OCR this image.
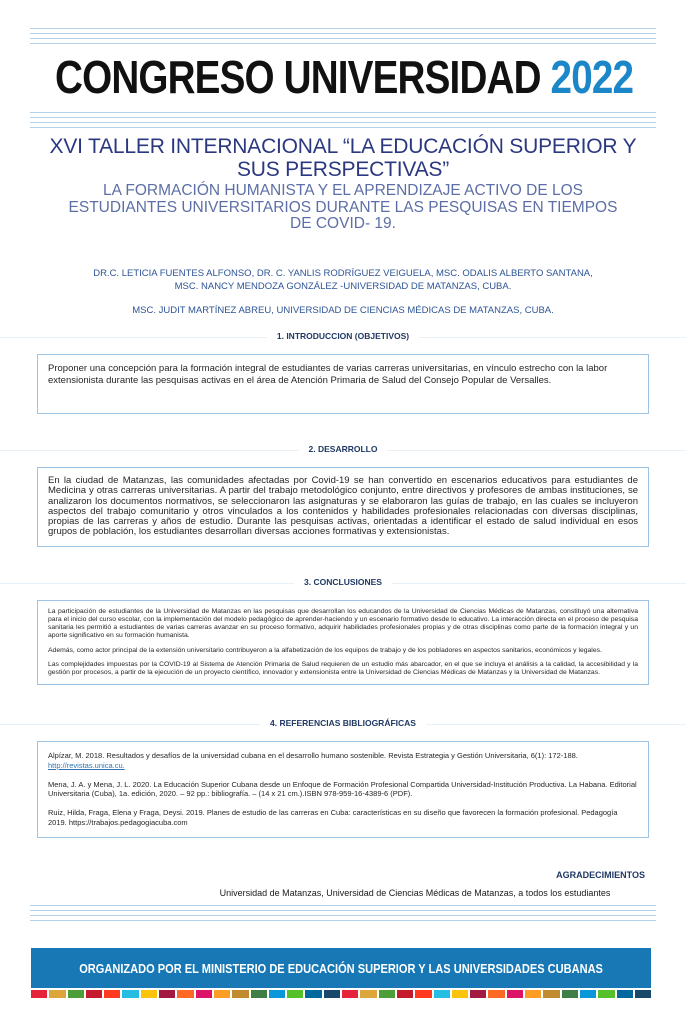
CONGRESO UNIVERSIDAD 2022
XVI TALLER INTERNACIONAL “LA EDUCACIÓN SUPERIOR Y SUS PERSPECTIVAS”
LA FORMACIÓN HUMANISTA Y EL APRENDIZAJE ACTIVO DE LOS ESTUDIANTES UNIVERSITARIOS DURANTE LAS PESQUISAS EN TIEMPOS DE COVID- 19.
DR.C. LETICIA FUENTES ALFONSO, DR. C. YANLIS RODRÍGUEZ VEIGUELA, MSC. ODALIS ALBERTO SANTANA,
MSC. NANCY MENDOZA GONZÁLEZ -UNIVERSIDAD DE MATANZAS, CUBA.
MSC. JUDIT MARTÍNEZ ABREU, UNIVERSIDAD DE CIENCIAS MÉDICAS DE MATANZAS, CUBA.
1. INTRODUCCION (OBJETIVOS)

Proponer una concepción para la formación integral de estudiantes de varias carreras universitarias, en vínculo estrecho con la labor extensionista durante las pesquisas activas en el área de Atención Primaria de Salud del Consejo Popular de Versalles.

2. DESARROLLO

En la ciudad de Matanzas, las comunidades afectadas por Covid-19 se han convertido en escenarios educativos para estudiantes de Medicina y otras carreras universitarias. A partir del trabajo metodológico conjunto, entre directivos y profesores de ambas instituciones, se analizaron los documentos normativos, se seleccionaron las asignaturas y se elaboraron las guías de trabajo, en las cuales se incluyeron aspectos del trabajo comunitario y otros vinculados a los contenidos y habilidades profesionales relacionadas con diversas disciplinas, propias de las carreras y años de estudio. Durante las pesquisas activas, orientadas a identificar el estado de salud individual en esos grupos de población, los estudiantes desarrollan diversas acciones formativas y extensionistas.

3. CONCLUSIONES

La participación de estudiantes de la Universidad de Matanzas en las pesquisas que desarrollan los educandos de la Universidad de Ciencias Médicas de Matanzas, constituyó una alternativa para el inicio del curso escolar, con la implementación del modelo pedagógico de aprender-haciendo y un escenario formativo desde lo educativo. La interacción directa en el proceso de pesquisa sanitaria les permitió a estudiantes de varias carreras avanzar en su proceso formativo, adquirir habilidades profesionales propias y de otras disciplinas como parte de la formación integral y un aporte significativo en su formación humanista.

Además, como actor principal de la extensión universitario contribuyeron a la alfabetización de los equipos de trabajo y de los pobladores en aspectos sanitarios, económicos y legales.

Las complejidades impuestas por la COVID-19 al Sistema de Atención Primaria de Salud requieren de un estudio más abarcador, en el que se incluya el análisis a la calidad, la accesibilidad y la gestión por procesos, a partir de la ejecución de un proyecto científico, innovador y extensionista entre la Universidad de Ciencias Médicas de Matanzas y la Universidad de Matanzas.

4. REFERENCIAS BIBLIOGRÁFICAS

Alpízar, M. 2018. Resultados y desafíos de la universidad cubana en el desarrollo humano sostenible. Revista Estrategia y Gestión Universitaria, 6(1): 172-188. http://revistas.unica.cu.

Mena, J. A. y Mena, J. L. 2020. La Educación Superior Cubana desde un Enfoque de Formación Profesional Compartida Universidad-Institución Productiva. La Habana. Editorial Universitaria (Cuba), 1a. edición, 2020. – 92 pp.: bibliografía. – (14 x 21 cm.).ISBN 978-959-16-4389-6 (PDF).

Ruiz, Hilda, Fraga, Elena y Fraga, Deysi. 2019. Planes de estudio de las carreras en Cuba: características en su diseño que favorecen la formación profesional. Pedagogía 2019. https://trabajos.pedagogiacuba.com

AGRADECIMIENTOS
Universidad de Matanzas, Universidad de Ciencias Médicas de Matanzas, a todos los estudiantes
ORGANIZADO POR EL MINISTERIO DE EDUCACIÓN SUPERIOR Y LAS UNIVERSIDADES CUBANAS
